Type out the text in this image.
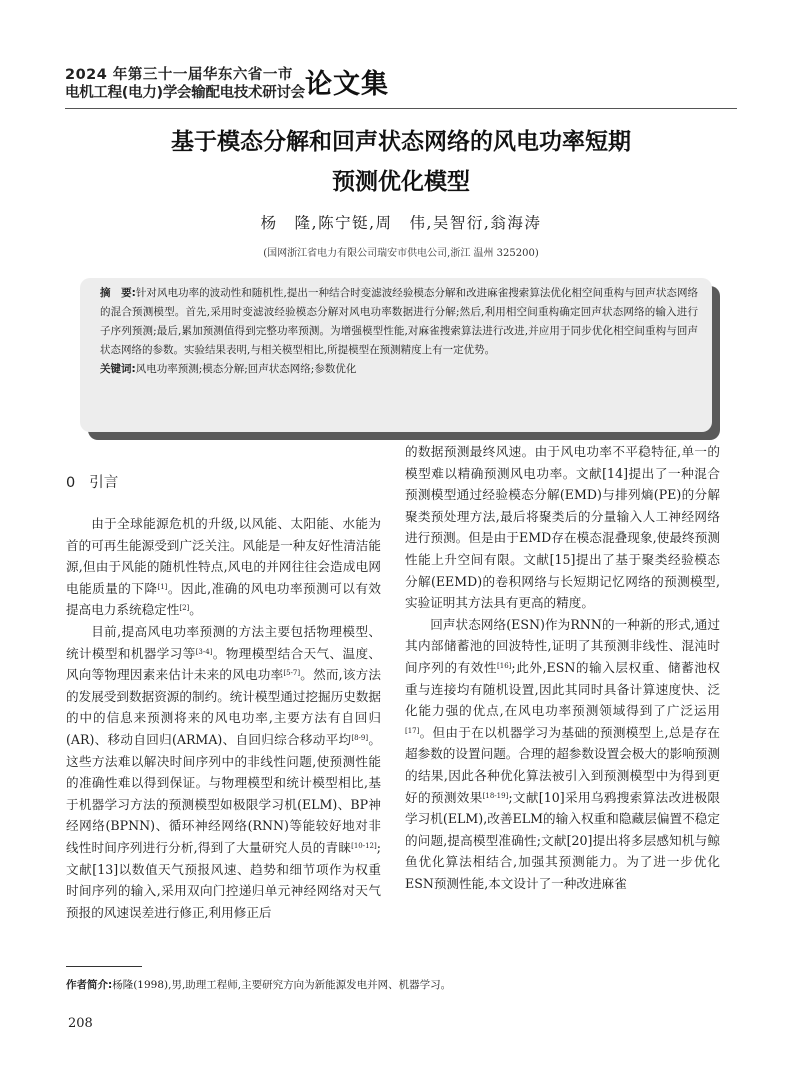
2024 年第三十一届华东六省一市
电机工程(电力)学会输配电技术研讨会 论文集
基于模态分解和回声状态网络的风电功率短期
预测优化模型
杨　隆,陈宁铤,周　伟,吴智衍,翁海涛
(国网浙江省电力有限公司瑞安市供电公司,浙江 温州 325200)

摘　要:针对风电功率的波动性和随机性,提出一种结合时变滤波经验模态分解和改进麻雀搜索算法优化相空间重构与回声状态网络的混合预测模型。首先,采用时变滤波经验模态分解对风电功率数据进行分解;然后,利用相空间重构确定回声状态网络的输入进行子序列预测;最后,累加预测值得到完整功率预测。为增强模型性能,对麻雀搜索算法进行改进,并应用于同步优化相空间重构与回声状态网络的参数。实验结果表明,与相关模型相比,所提模型在预测精度上有一定优势。

关键词:风电功率预测;模态分解;回声状态网络;参数优化

0 引言

由于全球能源危机的升级,以风能、太阳能、水能为首的可再生能源受到广泛关注。风能是一种友好性清洁能源,但由于风能的随机性特点,风电的并网往往会造成电网电能质量的下降[1]。因此,准确的风电功率预测可以有效提高电力系统稳定性[2]。

目前,提高风电功率预测的方法主要包括物理模型、统计模型和机器学习等[3-4]。物理模型结合天气、温度、风向等物理因素来估计未来的风电功率[5-7]。然而,该方法的发展受到数据资源的制约。统计模型通过挖掘历史数据的中的信息来预测将来的风电功率,主要方法有自回归(AR)、移动自回归(ARMA)、自回归综合移动平均[8-9]。这些方法难以解决时间序列中的非线性问题,使预测性能的准确性难以得到保证。与物理模型和统计模型相比,基于机器学习方法的预测模型如极限学习机(ELM)、BP神经网络(BPNN)、循环神经网络(RNN)等能较好地对非线性时间序列进行分析,得到了大量研究人员的青睐[10-12];文献[13]以数值天气预报风速、趋势和细节项作为权重时间序列的输入,采用双向门控递归单元神经网络对天气预报的风速误差进行修正,利用修正后

的数据预测最终风速。由于风电功率不平稳特征,单一的模型难以精确预测风电功率。文献[14]提出了一种混合预测模型通过经验模态分解(EMD)与排列熵(PE)的分解聚类预处理方法,最后将聚类后的分量输入人工神经网络进行预测。但是由于EMD存在模态混叠现象,使最终预测性能上升空间有限。文献[15]提出了基于聚类经验模态分解(EEMD)的卷积网络与长短期记忆网络的预测模型,实验证明其方法具有更高的精度。

回声状态网络(ESN)作为RNN的一种新的形式,通过其内部储蓄池的回波特性,证明了其预测非线性、混沌时间序列的有效性[16];此外,ESN的输入层权重、储蓄池权重与连接均有随机设置,因此其同时具备计算速度快、泛化能力强的优点,在风电功率预测领域得到了广泛运用[17]。但由于在以机器学习为基础的预测模型上,总是存在超参数的设置问题。合理的超参数设置会极大的影响预测的结果,因此各种优化算法被引入到预测模型中为得到更好的预测效果[18-19];文献[10]采用乌鸦搜索算法改进极限学习机(ELM),改善ELM的输入权重和隐藏层偏置不稳定的问题,提高模型准确性;文献[20]提出将多层感知机与鲸鱼优化算法相结合,加强其预测能力。为了进一步优化ESN预测性能,本文设计了一种改进麻雀

作者简介:杨隆(1998),男,助理工程师,主要研究方向为新能源发电并网、机器学习。
208
